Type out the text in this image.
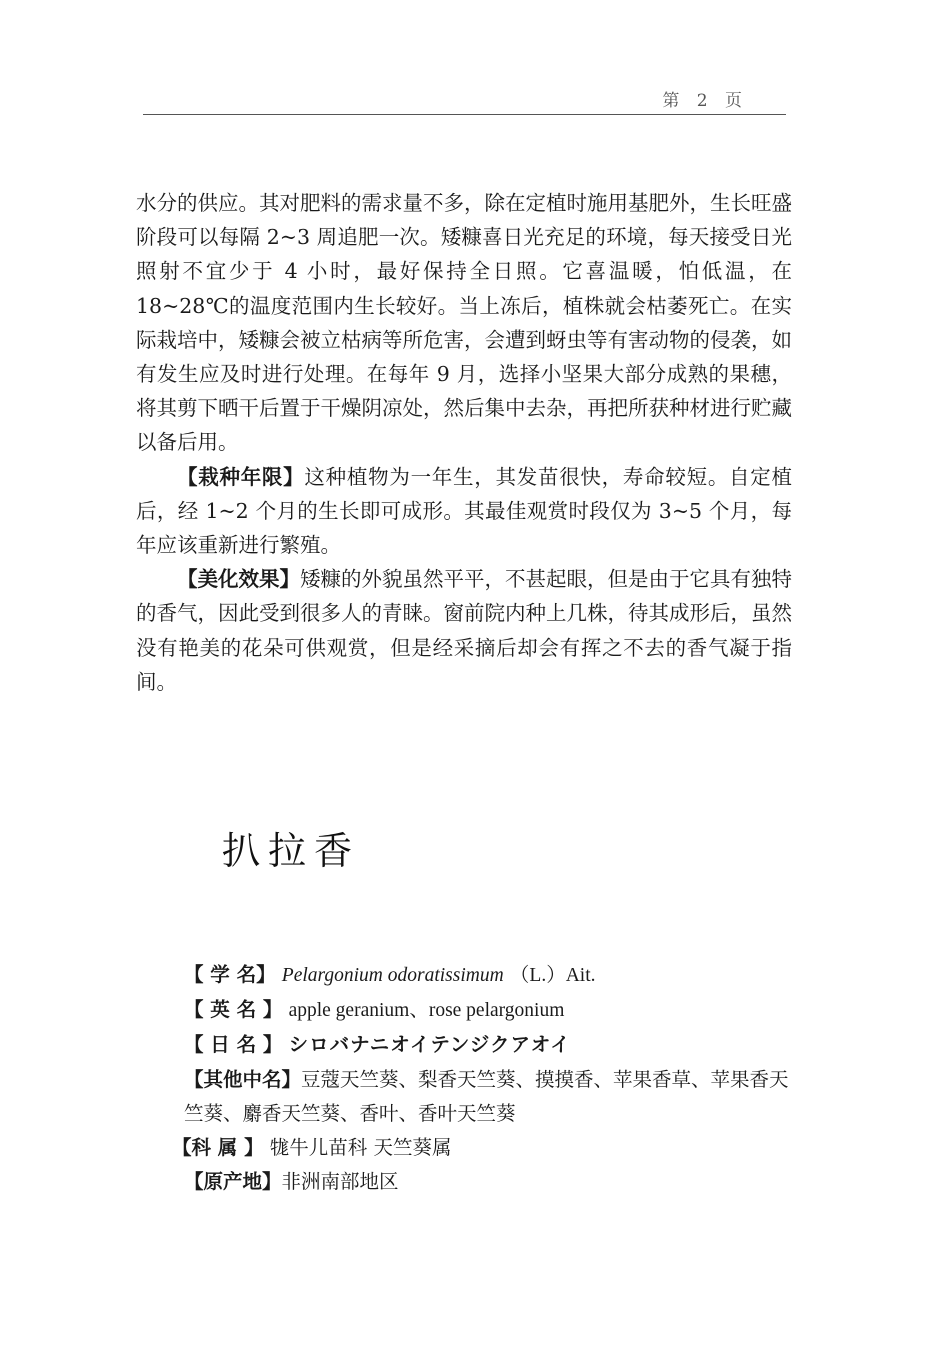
第 2 页

水分的供应。其对肥料的需求量不多，除在定植时施用基肥外，生长旺盛阶段可以每隔 2~3 周追肥一次。矮糠喜日光充足的环境，每天接受日光照射不宜少于 4 小时，最好保持全日照。它喜温暖，怕低温，在 18~28℃的温度范围内生长较好。当上冻后，植株就会枯萎死亡。在实际栽培中，矮糠会被立枯病等所危害，会遭到蚜虫等有害动物的侵袭，如有发生应及时进行处理。在每年 9 月，选择小坚果大部分成熟的果穗，将其剪下晒干后置于干燥阴凉处，然后集中去杂，再把所获种材进行贮藏以备后用。

【栽种年限】这种植物为一年生，其发苗很快，寿命较短。自定植后，经 1~2 个月的生长即可成形。其最佳观赏时段仅为 3~5 个月，每年应该重新进行繁殖。

【美化效果】矮糠的外貌虽然平平，不甚起眼，但是由于它具有独特的香气，因此受到很多人的青睐。窗前院内种上几株，待其成形后，虽然没有艳美的花朵可供观赏，但是经采摘后却会有挥之不去的香气凝于指间。

扒拉香

【 学 名】 Pelargonium odoratissimum （L.）Ait.

【 英 名 】 apple geranium、rose pelargonium

【 日 名 】 シロバナニオイテンジクアオイ

【其他中名】豆蔻天竺葵、梨香天竺葵、摸摸香、苹果香草、苹果香天竺葵、麝香天竺葵、香叶、香叶天竺葵

【科 属 】 牻牛儿苗科 天竺葵属

【原产地】非洲南部地区
